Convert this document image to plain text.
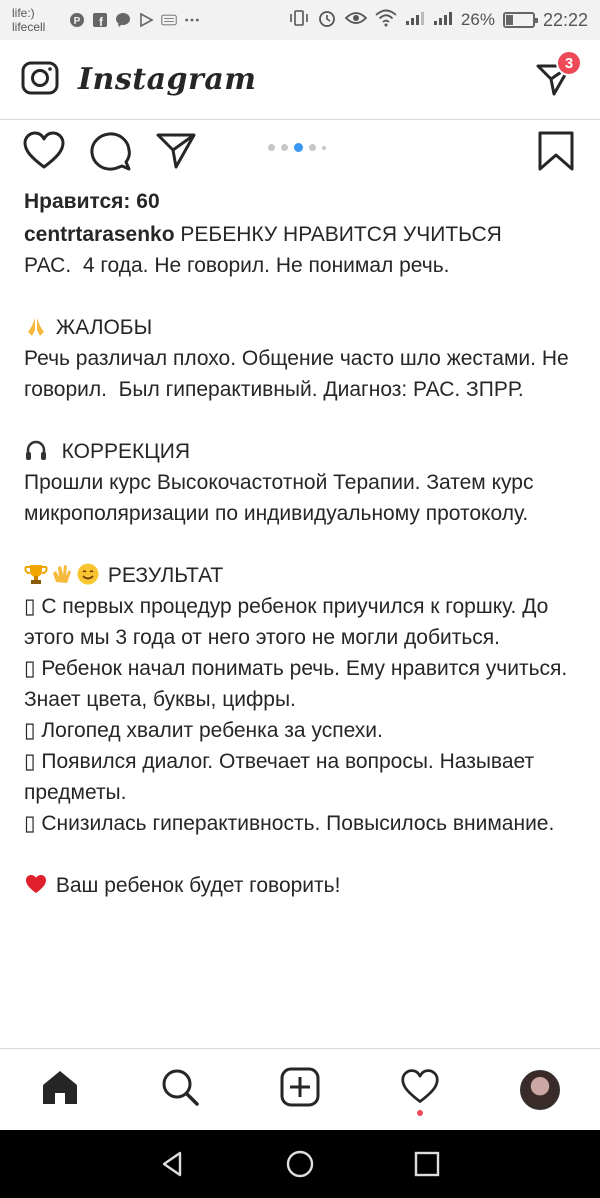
life:)
lifecell	P f	26%	22:22
Instagram	3
Нравится: 60
centrtarasenko РЕБЕНКУ НРАВИТСЯ УЧИТЬСЯ
РАС.  4 года. Не говорил. Не понимал речь.

ЖАЛОБЫ
Речь различал плохо. Общение часто шло жестами. Не говорил.  Был гиперактивный. Диагноз: РАС. ЗПРР.

КОРРЕКЦИЯ
Прошли курс Высокочастотной Терапии. Затем курс микрополяризации по индивидуальному протоколу.

РЕЗУЛЬТАТ
▯ С первых процедур ребенок приучился к горшку. До этого мы 3 года от него этого не могли добиться.
▯ Ребенок начал понимать речь. Ему нравится учиться. Знает цвета, буквы, цифры.
▯ Логопед хвалит ребенка за успехи.
▯ Появился диалог. Отвечает на вопросы. Называет предметы.
▯ Снизилась гиперактивность. Повысилось внимание.

Ваш ребенок будет говорить!
